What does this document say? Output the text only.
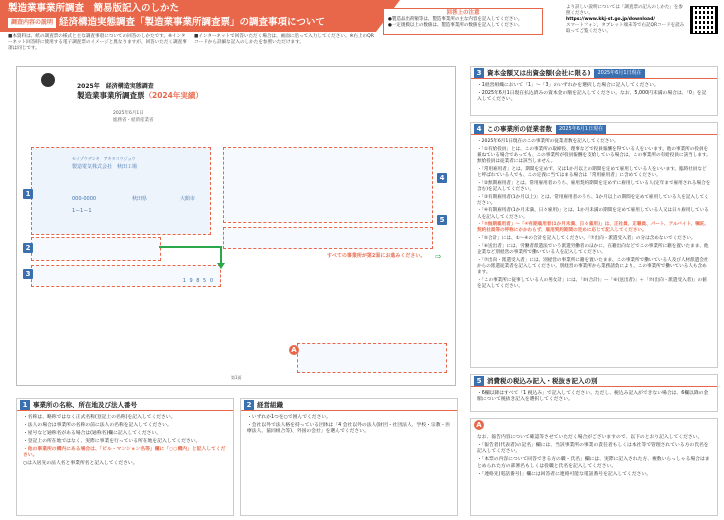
製造業事業所調査　簡易版記入のしかた
調査内容の説明 経済構造実態調査「製造業事業所調査票」の調査事項について
回答上の注意
●製造品出荷額等は、製造事業所の主な内容を記入してください。
●一定規模以上の数値は、製造事業所の数値を記入してください。
より詳しい説明については「調査票の記入のしかた」を参照ください。
https://www.kkj-st.go.jp/download/
スマートフォン、タブレット端末等で右記QRコードを読み取ってご覧ください。
■本資料は、紙の調査票の様式と主な調査事項についての回答のしかたです。※インターネット回答時に使用する電子調査票のイメージと異なりますが、回答いただく調査事項は同じです。
■インターネットで回答いただく場合は、画面に沿って入力してください。※右上のQRコードから詳細な記入のしかたを参照いただけます。
2025年　経済構造実態調査
製造業事業所調査票（2024年実績）
2025年6月1日
総務省・経済産業省
セイゾウデンキ　アキタコウジョウ
製造電気株式会社　秋田工場
000-0000	秋田県	大館市
1ー1ー1
1
2
1 9 8 5 0
3
4
5
すべての事業所が第2面にお進みください。 ⇨
A
第1面
3 資本金額又は出資金額(会社に限る) 2025年6月1日現在

・1経営組織において「1」〜「3」のいずれかを選択した場合に記入してください。

・2025年6月1日現在払込済みの資本金の額を記入してください。なお、5,000円未満の場合は、「0」を記入してください。

4 この事業所の従業者数 2025年6月1日現在

・2025年6月1日現在のこの事業所の従業者数を記入してください。

・「①有給役員」とは、この事業所の取締役、理事などで役員報酬を得ている人をいいます。他の事業所の役員を兼ねている場合であっても、この事業所が役員報酬を支給している場合は、この事業所の有給役員に該当します。無給役員は従業者には該当しません。

・「常用雇用者」とは、期間を定めず、又は1か月以上の期間を定めて雇用している人をいいます。臨時社員などと呼ばれている人でも、この定義に当てはまる場合は「常用雇用者」に含めてください。

・「②無期雇用者」とは、常用雇用者のうち、雇用契約期間を定めずに雇用している人(定年まで雇用される場合を含む)を記入してください。

・「③有期雇用者(1か月以上)」とは、常用雇用者のうち、1か月以上の期間を定めて雇用している人を記入してください。

・「④有期雇用者(1か月未満、日々雇用)」とは、1か月未満の期間を定めて雇用している人又は日々雇用している人を記入してください。

・「②無期雇用者」〜「④有期雇用者(1か月未満、日々雇用)」は、正社員、正職員、パート、アルバイト、嘱託、契約社員等の呼称にかかわらず、雇用契約期間の定めに応じて記入してください。

・「⑤合計」には、①〜④の合計を記入してください。「⑦出向・派遣受入者」の分は含めないでください。

・「⑥送出者」には、労働者派遣法でいう派遣労働者のほかに、在籍出向などでこの事業所に籍を置いたまま、他企業など別経営の事業所で働いている人を記入してください。

・「⑦出向・派遣受入者」には、別経営の事業所に籍を置いたまま、この事業所で働いている人及び人材派遣会社からの派遣従業者を記入してください。別経営の事業所から業務請負により、この事業所で働いている人も含めます。

・「この事業所に従事している人の男女計」には、「⑤(合計)」ー「⑥(送出者)」＋「⑦(出向・派遣受入者)」の値を記入してください。

5 消費税の税込み記入・税抜き記入の別

・6欄以降はすべて「1 税込み」で記入してください。ただし、税込み記入ができない場合は、6欄以降の金額について税抜き記入を選択してください。

A

なお、報告内容について確認等させていただく場合がございますので、以下のとおり記入してください。

・「報告者(代表者)の記名」欄には、当該事業所の事業の責任者もしくは本社等で管理されている方の氏名を記入してください。

・「本票の内容について回答できる方の職・氏名」欄には、実際に記入された方、複数いらっしゃる場合はまとめられた方の部署名もしくは役職と氏名を記入してください。

・「連絡先(電話番号)」欄には回答者に連絡可能な電話番号を記入してください。

1 事業所の名称、所在地及び法人番号

・名称は、略称ではなく正式名称(登記上の名称)を記入してください。

・法人の場合は事業所の名称の前に法人の名称を記入してください。

・屋号など通称名がある場合は(通称名)欄に記入してください。

・登記上の所在地ではなく、実際に事業を行っている所在地を記入してください。

・他の事業所の構内にある場合は、「ビル・マンション名等」欄に「○○構内」と記入してください。

○は入居先の法人名と事業所名と記入してください。

2 経営組織

・いずれか1つを○で囲んでください。

・会社以外で法人格を持っている団体は「4 会社以外の法人(財団・社団法人、学校・宗教・医療法人、協同組合等)、外国の会社」を選んでください。
